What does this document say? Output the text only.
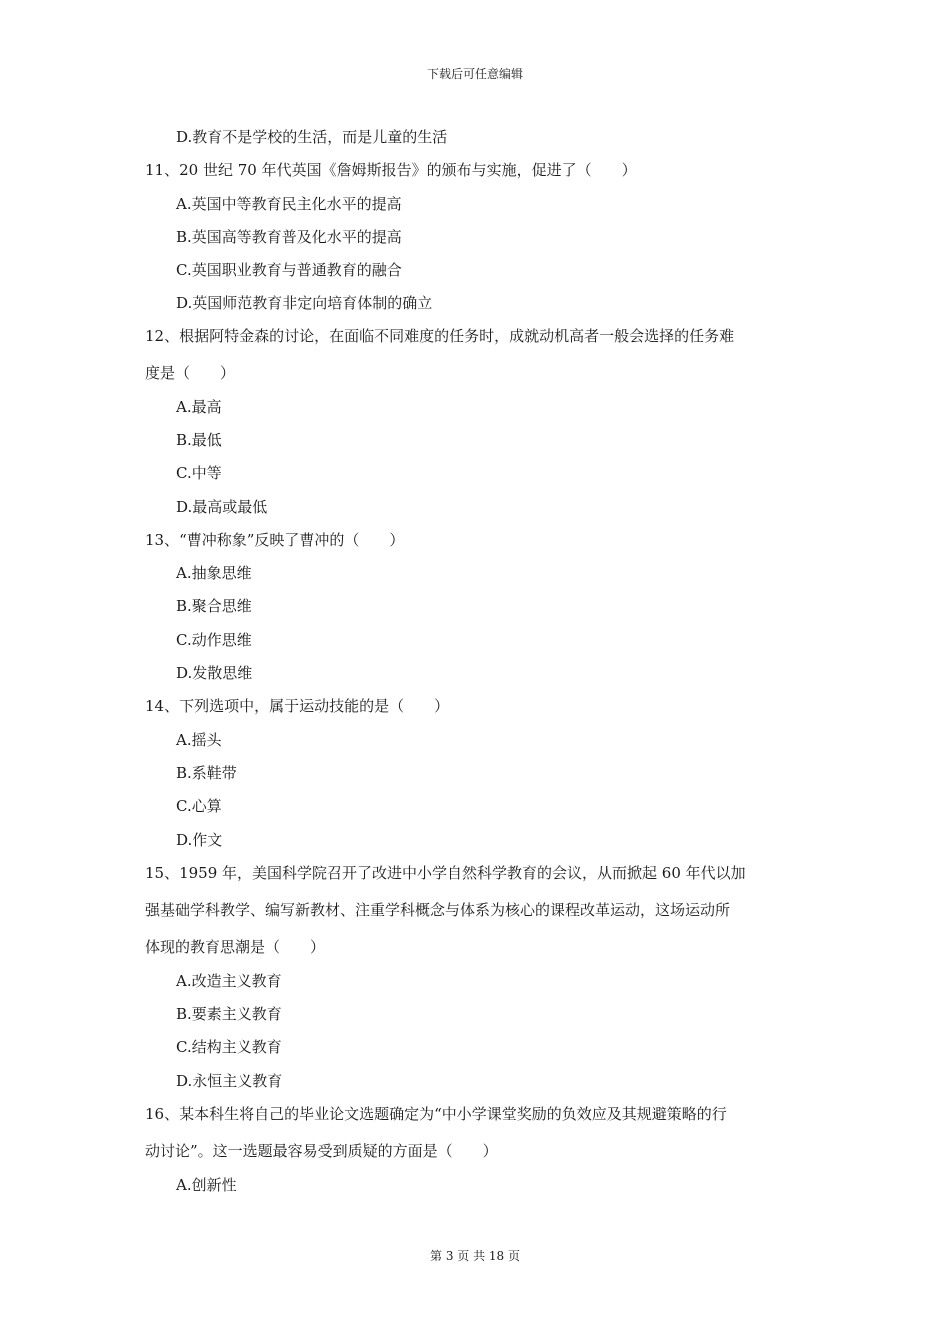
下载后可任意编辑
D.教育不是学校的生活，而是儿童的生活
11、20 世纪 70 年代英国《詹姆斯报告》的颁布与实施，促进了（　　）
A.英国中等教育民主化水平的提高
B.英国高等教育普及化水平的提高
C.英国职业教育与普通教育的融合
D.英国师范教育非定向培育体制的确立
12、根据阿特金森的讨论，在面临不同难度的任务时，成就动机高者一般会选择的任务难
度是（　　）
A.最高
B.最低
C.中等
D.最高或最低
13、“曹冲称象”反映了曹冲的（　　）
A.抽象思维
B.聚合思维
C.动作思维
D.发散思维
14、下列选项中，属于运动技能的是（　　）
A.摇头
B.系鞋带
C.心算
D.作文
15、1959 年，美国科学院召开了改进中小学自然科学教育的会议，从而掀起 60 年代以加
强基础学科教学、编写新教材、注重学科概念与体系为核心的课程改革运动，这场运动所
体现的教育思潮是（　　）
A.改造主义教育
B.要素主义教育
C.结构主义教育
D.永恒主义教育
16、某本科生将自己的毕业论文选题确定为“中小学课堂奖励的负效应及其规避策略的行
动讨论”。这一选题最容易受到质疑的方面是（　　）
A.创新性
第 3 页 共 18 页
